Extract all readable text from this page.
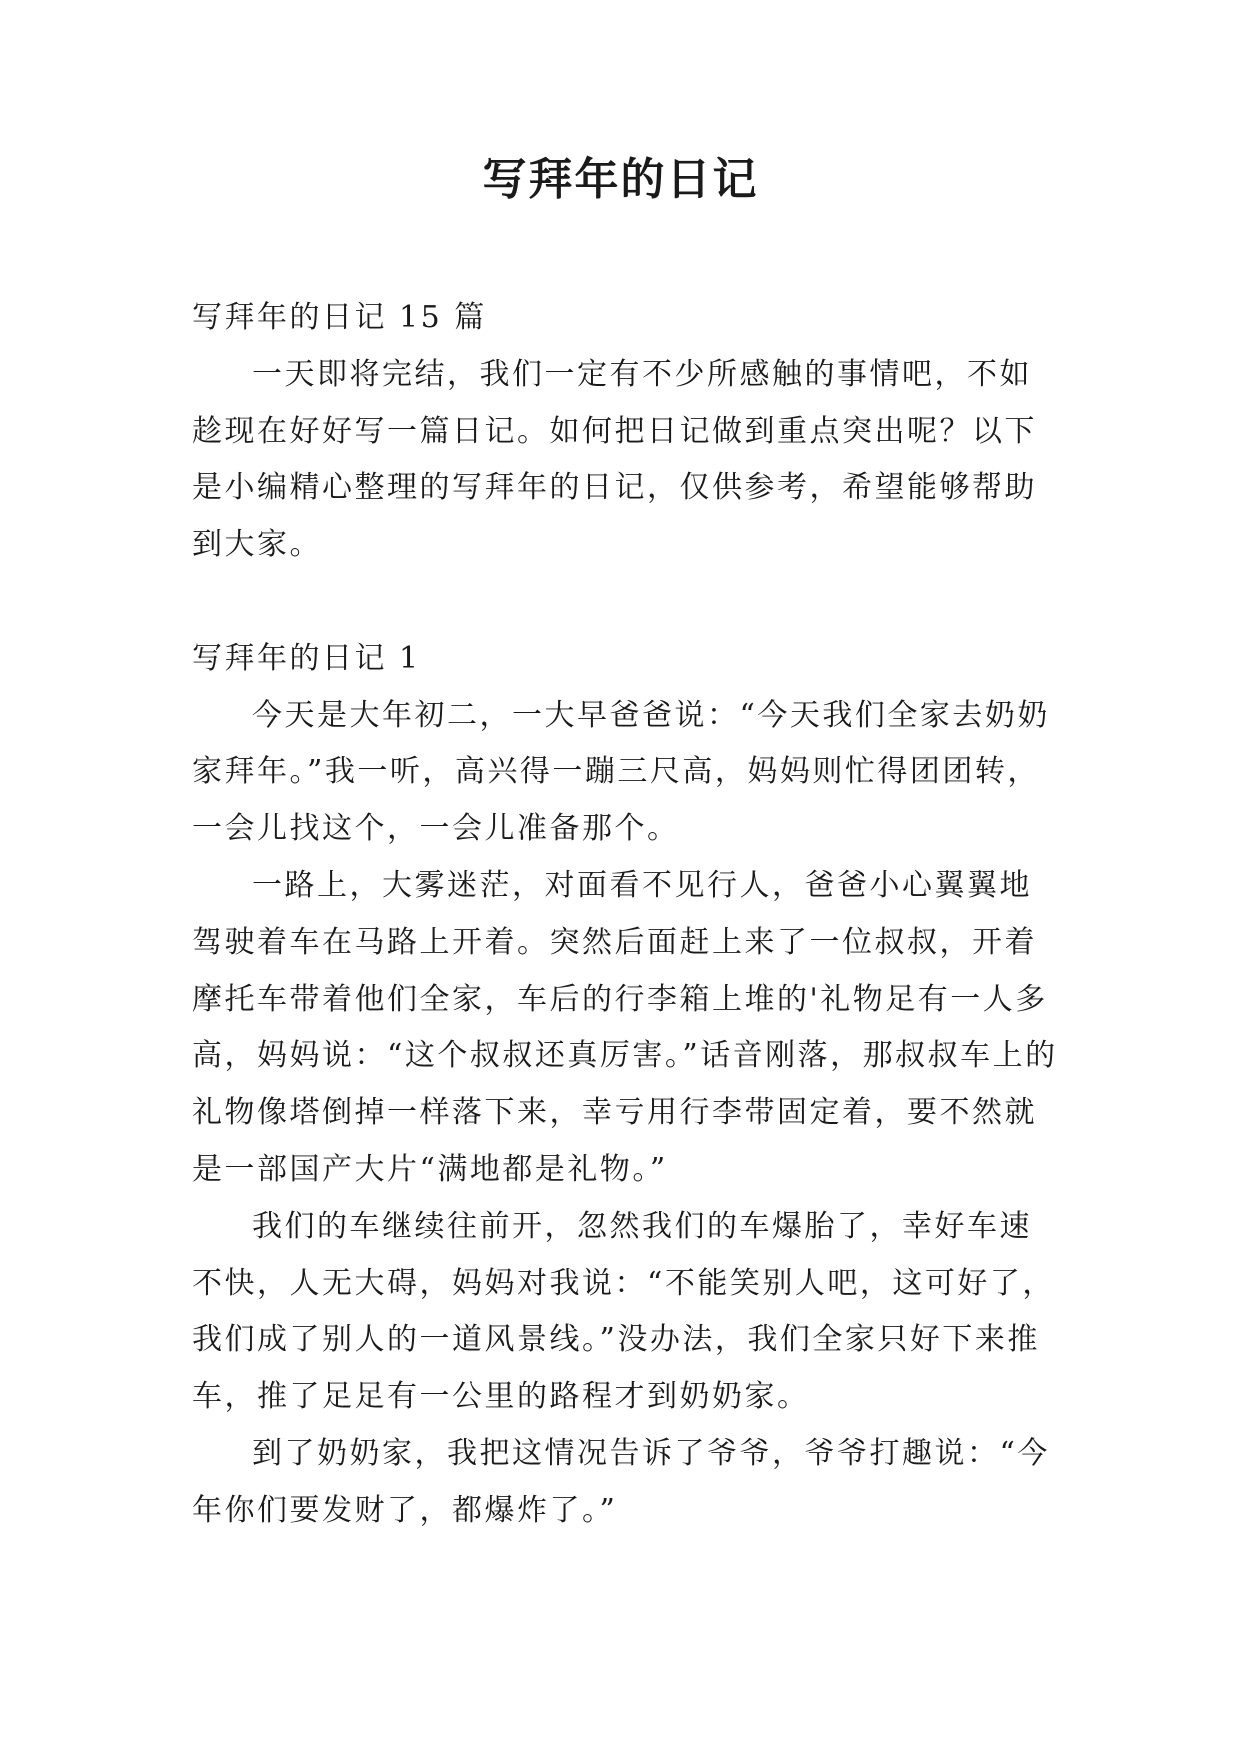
写拜年的日记

写拜年的日记 15 篇

一天即将完结，我们一定有不少所感触的事情吧，不如趁现在好好写一篇日记。如何把日记做到重点突出呢？以下是小编精心整理的写拜年的日记，仅供参考，希望能够帮助到大家。

写拜年的日记 1

今天是大年初二，一大早爸爸说：“今天我们全家去奶奶家拜年。”我一听，高兴得一蹦三尺高，妈妈则忙得团团转，一会儿找这个，一会儿准备那个。

一路上，大雾迷茫，对面看不见行人，爸爸小心翼翼地驾驶着车在马路上开着。突然后面赶上来了一位叔叔，开着摩托车带着他们全家，车后的行李箱上堆的'礼物足有一人多高，妈妈说：“这个叔叔还真厉害。”话音刚落，那叔叔车上的礼物像塔倒掉一样落下来，幸亏用行李带固定着，要不然就是一部国产大片“满地都是礼物。”

我们的车继续往前开，忽然我们的车爆胎了，幸好车速不快，人无大碍，妈妈对我说：“不能笑别人吧，这可好了，我们成了别人的一道风景线。”没办法，我们全家只好下来推车，推了足足有一公里的路程才到奶奶家。

到了奶奶家，我把这情况告诉了爷爷，爷爷打趣说：“今年你们要发财了，都爆炸了。”
